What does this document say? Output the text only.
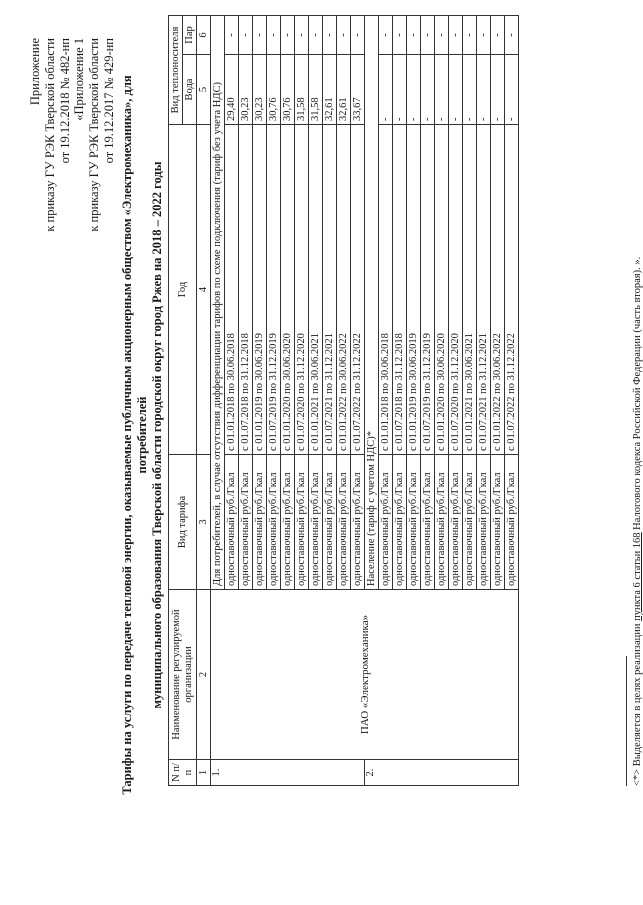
Приложение к приказу ГУ РЭК Тверской области от 19.12.2018 № 482-нп «Приложение 1 к приказу ГУ РЭК Тверской области от 19.12.2017 № 429-нп Тарифы на услуги по передаче тепловой энергии, оказываемые публичным акционерным обществом «Электромеханика», для потребителей муниципального образования Тверской области городской округ город Ржев на 2018 – 2022 годы
N п/п	Наименование регулируемой организации	Вид тарифа	Год	Вид теплоносителя	
				Вода	Пар
1	2	3	4	5	6
1.	ПАО «Электромеханика»	Для потребителей, в случае отсутствия дифференциации тарифов по схеме подключения (тариф без учета НДС)			
		одноставочный руб./Гкал	с 01.01.2018 по 30.06.2018	29,40	-
		одноставочный руб./Гкал	с 01.07.2018 по 31.12.2018	30,23	-
		одноставочный руб./Гкал	с 01.01.2019 по 30.06.2019	30,23	-
		одноставочный руб./Гкал	с 01.07.2019 по 31.12.2019	30,76	-
		одноставочный руб./Гкал	с 01.01.2020 по 30.06.2020	30,76	-
		одноставочный руб./Гкал	с 01.07.2020 по 31.12.2020	31,58	-
		одноставочный руб./Гкал	с 01.01.2021 по 30.06.2021	31,58	-
		одноставочный руб./Гкал	с 01.07.2021 по 31.12.2021	32,61	-
		одноставочный руб./Гкал	с 01.01.2022 по 30.06.2022	32,61	-
		одноставочный руб./Гкал	с 01.07.2022 по 31.12.2022	33,67	-
2.		Население (тариф с учетом НДС)*			
		одноставочный руб./Гкал	с 01.01.2018 по 30.06.2018	-	-
		одноставочный руб./Гкал	с 01.07.2018 по 31.12.2018	-	-
		одноставочный руб./Гкал	с 01.01.2019 по 30.06.2019	-	-
		одноставочный руб./Гкал	с 01.07.2019 по 31.12.2019	-	-
		одноставочный руб./Гкал	с 01.01.2020 по 30.06.2020	-	-
		одноставочный руб./Гкал	с 01.07.2020 по 31.12.2020	-	-
		одноставочный руб./Гкал	с 01.01.2021 по 30.06.2021	-	-
		одноставочный руб./Гкал	с 01.07.2021 по 31.12.2021	-	-
		одноставочный руб./Гкал	с 01.01.2022 по 30.06.2022	-	-
		одноставочный руб./Гкал	с 01.07.2022 по 31.12.2022	-	-
<*> Выделяется в целях реализации пункта 6 статьи 168 Налогового кодекса Российской Федерации (часть вторая). ».
